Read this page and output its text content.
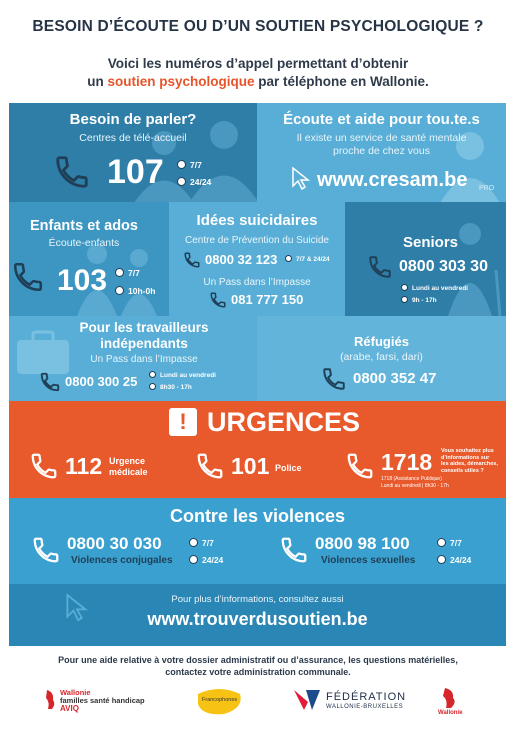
BESOIN D’ÉCOUTE OU D’UN SOUTIEN PSYCHOLOGIQUE ?
Voici les numéros d’appel permettant d’obtenir
un soutien psychologique par téléphone en Wallonie.
Besoin de parler?
Centres de télé-accueil
107	7/7
24/24
Écoute et aide pour tou.te.s
Il existe un service de santé mentale
proche de chez vous
www.cresam.be PRO
Enfants et ados
Écoute-enfants
103	7/7
10h-0h
Idées suicidaires
Centre de Prévention du Suicide
0800 32 123	7/7 & 24/24
Un Pass dans l’Impasse
081 777 150
Seniors
0800 303 30
Lundi au vendredi
9h - 17h
Pour les travailleurs
indépendants
Un Pass dans l’Impasse
0800 300 25	Lundi au vendredi
8h30 - 17h
Réfugiés
(arabe, farsi, dari)
0800 352 47
! URGENCES
112 Urgence
médicale	101 Police	1718 Vous souhaitez plus
d’informations sur
les aides, démarches,
conseils utiles ?
1718 (Assistance Publique)
Lundi au vendredi | 8h30 - 17h
Contre les violences
0800 30 030
Violences conjugales
7/7
24/24
0800 98 100
Violences sexuelles
7/7
24/24
Pour plus d’informations, consultez aussi
www.trouverdusoutien.be
Pour une aide relative à votre dossier administratif ou d’assurance, les questions matérielles,
contactez votre administration communale.
Wallonie
familles santé handicap
AVIQ
Francophones	FÉDÉRATION
WALLONIE-BRUXELLES
Wallonie
